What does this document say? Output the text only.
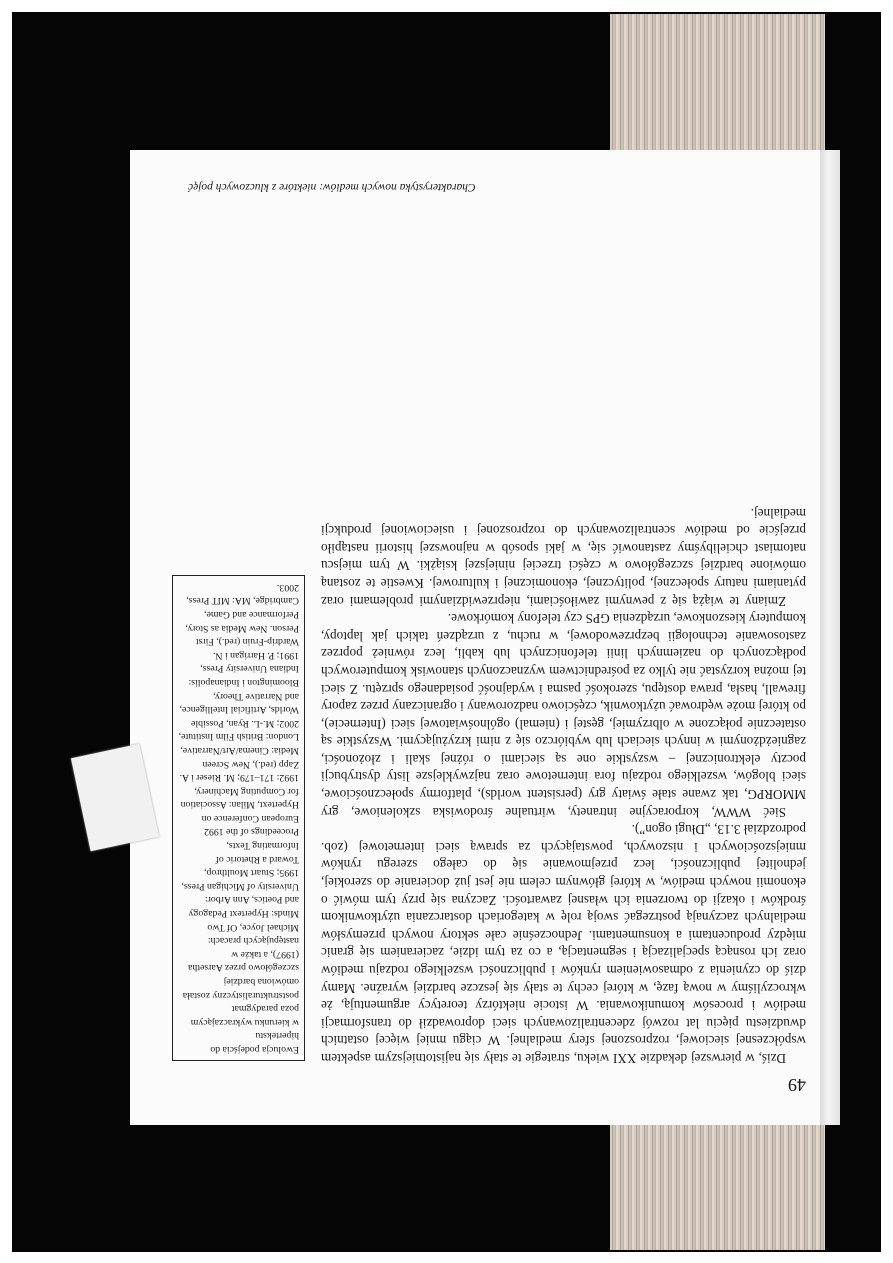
49
Charakterystyka nowych mediów: niektóre z kluczowych pojęć

Dziś, w pierwszej dekadzie XXI wieku, strategie te stały się najistotniejszym aspektem współczesnej sieciowej, rozproszonej sfery medialnej. W ciągu mniej więcej ostatnich dwudziestu pięciu lat rozwój zdecentralizowanych sieci doprowadził do transformacji mediów i procesów komunikowania. W istocie niektórzy teoretycy argumentują, że wkroczyliśmy w nową fazę, w której cechy te stały się jeszcze bardziej wyraźne. Mamy dziś do czynienia z odmasowieniem rynków i publiczności wszelkiego rodzaju mediów oraz ich rosnącą specjalizacją i segmentacją, a co za tym idzie, zacieraniem się granic między producentami a konsumentami. Jednocześnie całe sektory nowych przemysłów medialnych zaczynają postrzegać swoją rolę w kategoriach dostarczania użytkownikom środków i okazji do tworzenia ich własnej zawartości. Zaczyna się przy tym mówić o ekonomii nowych mediów, w której głównym celem nie jest już docieranie do szerokiej, jednolitej publiczności, lecz przejmowanie się do całego szeregu rynków mniejszościowych i niszowych, powstających za sprawą sieci internetowej (zob. podrozdział 3.13, „Długi ogon”).

Sieć WWW, korporacyjne intranety, wirtualne środowiska szkoleniowe, gry MMORPG, tak zwane stałe światy gry (persistent worlds), platformy społecznościowe, sieci blogów, wszelkiego rodzaju fora internetowe oraz najzwyklejsze listy dystrybucji poczty elektronicznej – wszystkie one są sieciami o różnej skali i złożoności, zagnieżdżonymi w innych sieciach lub wybiórczo się z nimi krzyżującymi. Wszystkie są ostatecznie połączone w olbrzymiej, gęstej i (niemal) ogólnoświatowej sieci (Internecie), po której może wędrować użytkownik, częściowo nadzorowany i ograniczany przez zapory firewall, hasła, prawa dostępu, szerokość pasma i wydajność posiadanego sprzętu. Z sieci tej można korzystać nie tylko za pośrednictwem wyznaczonych stanowisk komputerowych podłączonych do naziemnych linii telefonicznych lub kabli, lecz również poprzez zastosowanie technologii bezprzewodowej, w ruchu, z urządzeń takich jak laptopy, komputery kieszonkowe, urządzenia GPS czy telefony komórkowe.

Zmiany te wiążą się z pewnymi zawiłościami, nieprzewidzianymi problemami oraz pytaniami natury społecznej, politycznej, ekonomicznej i kulturowej. Kwestie te zostaną omówione bardziej szczegółowo w części trzeciej niniejszej książki. W tym miejscu natomiast chcielibyśmy zastanowić się, w jaki sposób w najnowszej historii nastąpiło przejście od mediów scentralizowanych do rozproszonej i usieciowionej produkcji medialnej.

Ewolucja podejścia do hipertekstu

w kierunku wykraczającym poza paradygmat poststrukturalistyczny została omówiona bardziej szczegółowo przez Aarsetha (1997), a także w następujących pracach: Michael Joyce, Of Two Minds: Hypertext Pedagogy and Poetics, Ann Arbor: University of Michigan Press, 1995; Stuart Moulthrop, Toward a Rhetoric of Informating Texts, Proceedings of the 1992 European Conference on Hypertext, Milan: Association for Computing Machinery, 1992: 171–179; M. Rieser i A. Zapp (red.), New Screen Media: Cinema/Art/Narrative, London: British Film Institute, 2002; M.-L. Ryan, Possible Worlds, Artificial Intelligence, and Narrative Theory, Bloomington i Indianapolis: Indiana University Press, 1991; P. Harrigan i N. Wardrip-Fruin (red.), First Person. New Media as Story, Performance and Game, Cambridge, MA: MIT Press, 2003.
